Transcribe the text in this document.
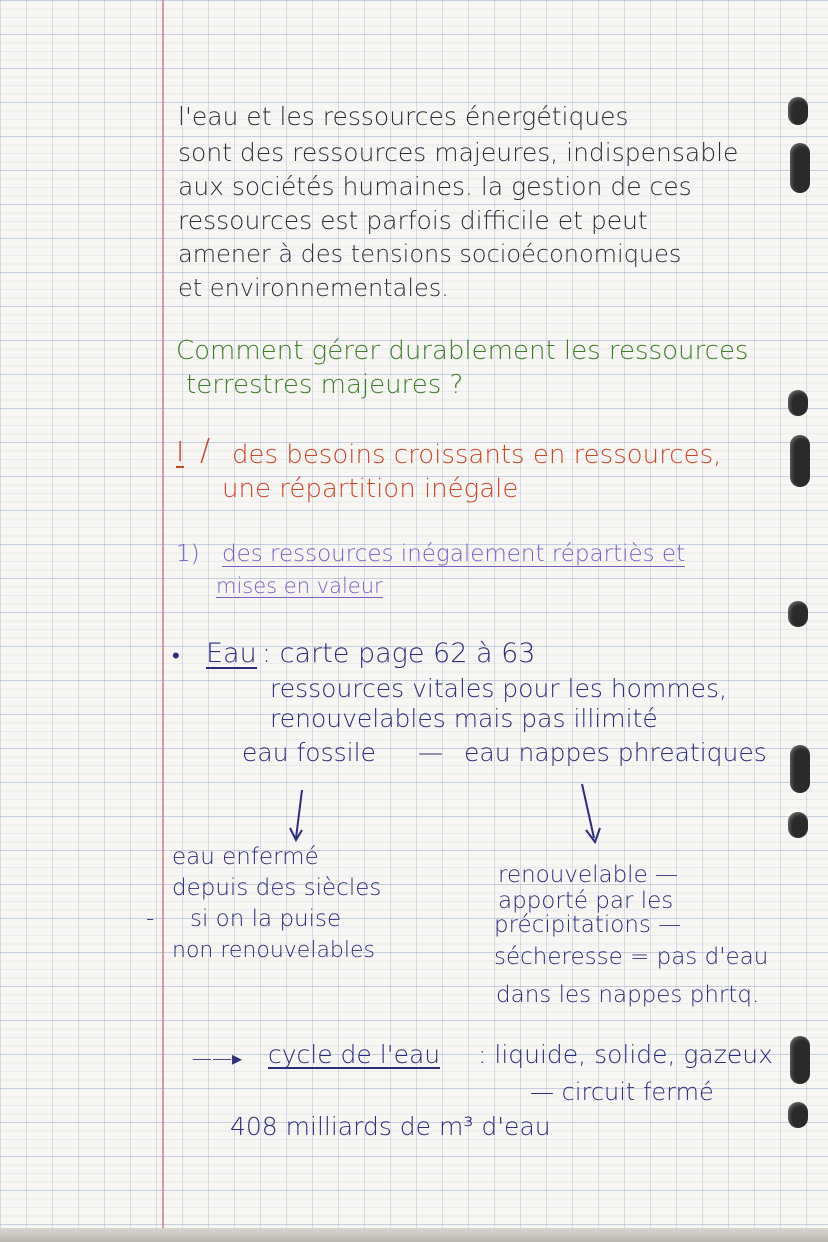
l'eau et les ressources énergétiques
sont des ressources majeures, indispensable
aux sociétés humaines. la gestion de ces
ressources est parfois difficile et peut
amener à des tensions socioéconomiques
et environnementales.
Comment gérer durablement les ressources
terrestres majeures ?
I / des besoins croissants en ressources,
une répartition inégale
1) des ressources inégalement répartiès et
mises en valeur
• Eau : carte page 62 à 63
ressources vitales pour les hommes,
renouvelables mais pas illimité
eau fossile — eau nappes phreatiques
eau enfermé
depuis des siècles
- si on la puise
non renouvelables
renouvelable —
apporté par les
précipitations —
sécheresse = pas d'eau
dans les nappes phrtq.
——▸ cycle de l'eau : liquide, solide, gazeux
— circuit fermé
408 milliards de m³ d'eau
